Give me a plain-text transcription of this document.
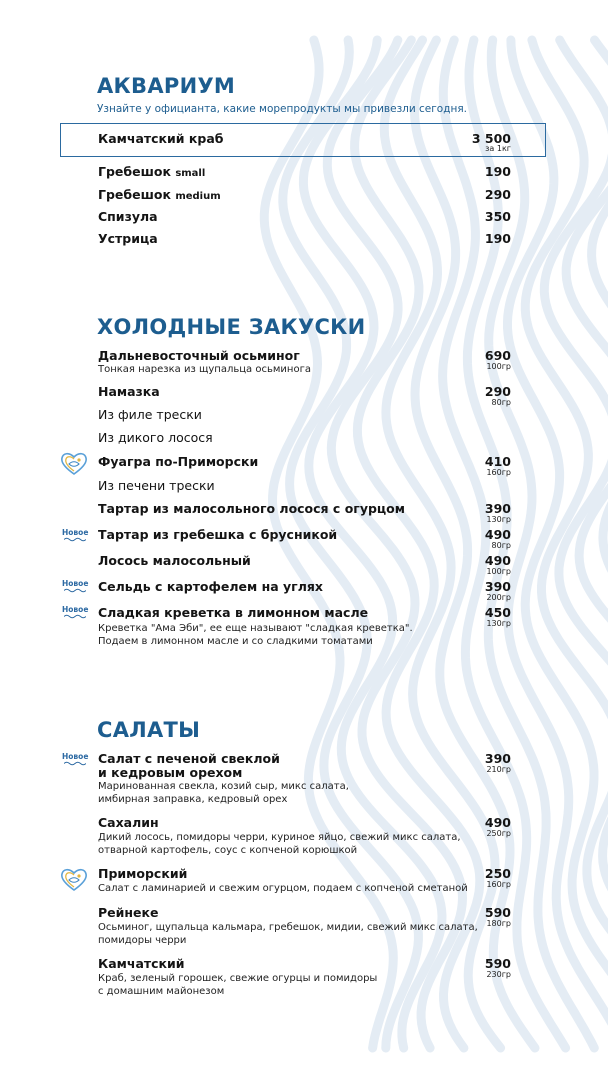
АКВАРИУМ
Узнайте у официанта, какие морепродукты мы привезли сегодня.
Камчатский краб	3 500
за 1кг
Гребешок small	190
Гребешок medium	290
Спизула	350
Устрица	190
ХОЛОДНЫЕ ЗАКУСКИ
Дальневосточный осьминог
Тонкая нарезка из щупальца осьминога
690
100гр
Намазка	290
80гр
Из филе трески
Из дикого лосося
Фуагра по-Приморски	410
160гр
Из печени трески
Тартар из малосольного лосося с огурцом	390
130гр
Новое Тартар из гребешка с брусникой	490
80гр
Лосось малосольный	490
100гр
Новое Сельдь с картофелем на углях	390
200гр
Новое Сладкая креветка в лимонном масле
Креветка "Ама Эби", ее еще называют "сладкая креветка".
Подаем в лимонном масле и со сладкими томатами
450
130гр
САЛАТЫ
Новое Салат с печеной свеклой
и кедровым орехом
Маринованная свекла, козий сыр, микс салата,
имбирная заправка, кедровый орех
390
210гр
Сахалин
Дикий лосось, помидоры черри, куриное яйцо, свежий микс салата,
отварной картофель, соус с копченой корюшкой
490
250гр
Приморский
Салат с ламинарией и свежим огурцом, подаем с копченой сметаной
250
160гр
Рейнеке
Осьминог, щупальца кальмара, гребешок, мидии, свежий микс салата,
помидоры черри
590
180гр
Камчатский
Краб, зеленый горошек, свежие огурцы и помидоры
с домашним майонезом
590
230гр
